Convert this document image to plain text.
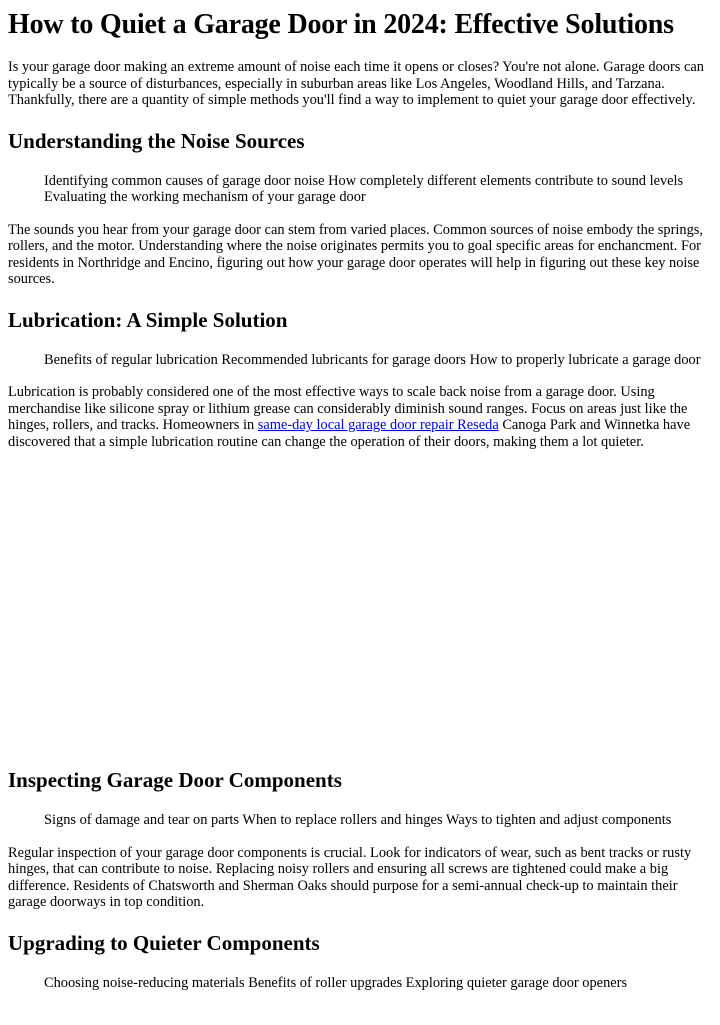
How to Quiet a Garage Door in 2024: Effective Solutions

Is your garage door making an extreme amount of noise each time it opens or closes? You're not alone. Garage doors can typically be a source of disturbances, especially in suburban areas like Los Angeles, Woodland Hills, and Tarzana. Thankfully, there are a quantity of simple methods you'll find a way to implement to quiet your garage door effectively.

Understanding the Noise Sources

Identifying common causes of garage door noise How completely different elements contribute to sound levels Evaluating the working mechanism of your garage door

The sounds you hear from your garage door can stem from varied places. Common sources of noise embody the springs, rollers, and the motor. Understanding where the noise originates permits you to goal specific areas for enchancment. For residents in Northridge and Encino, figuring out how your garage door operates will help in figuring out these key noise sources.

Lubrication: A Simple Solution

Benefits of regular lubrication Recommended lubricants for garage doors How to properly lubricate a garage door

Lubrication is probably considered one of the most effective ways to scale back noise from a garage door. Using merchandise like silicone spray or lithium grease can considerably diminish sound ranges. Focus on areas just like the hinges, rollers, and tracks. Homeowners in same-day local garage door repair Reseda Canoga Park and Winnetka have discovered that a simple lubrication routine can change the operation of their doors, making them a lot quieter.

Inspecting Garage Door Components

Signs of damage and tear on parts When to replace rollers and hinges Ways to tighten and adjust components

Regular inspection of your garage door components is crucial. Look for indicators of wear, such as bent tracks or rusty hinges, that can contribute to noise. Replacing noisy rollers and ensuring all screws are tightened could make a big difference. Residents of Chatsworth and Sherman Oaks should purpose for a semi-annual check-up to maintain their garage doorways in top condition.

Upgrading to Quieter Components

Choosing noise-reducing materials Benefits of roller upgrades Exploring quieter garage door openers
